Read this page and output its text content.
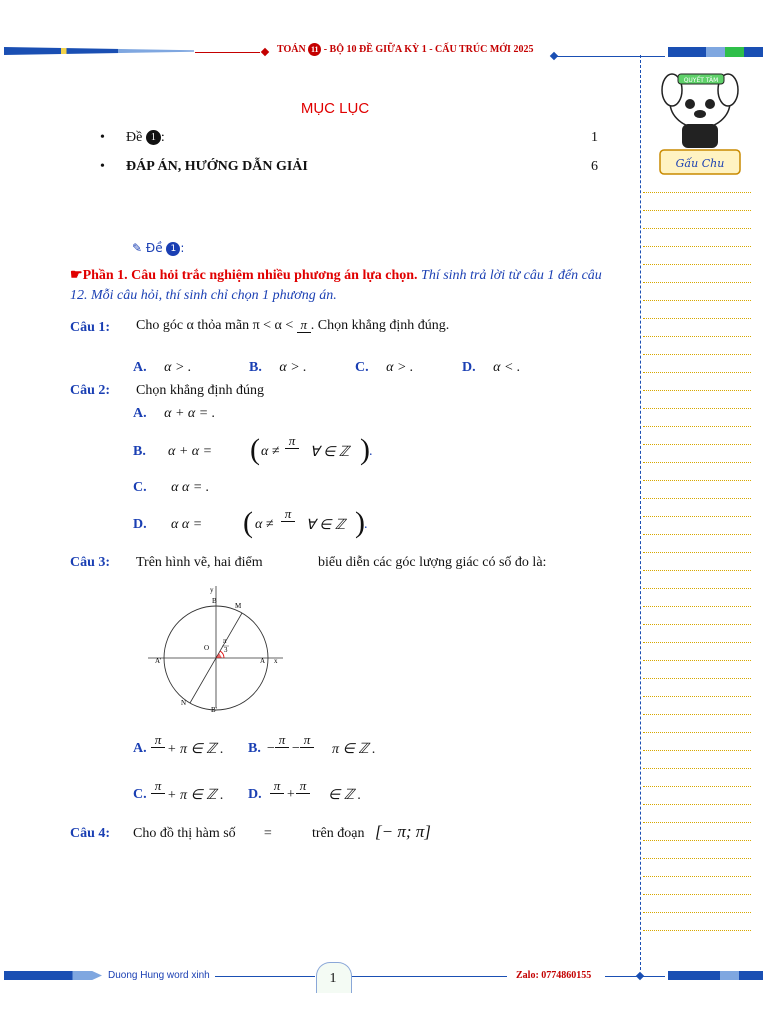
TOÁN 11 - BỘ 10 ĐỀ GIỮA KỲ 1 - CẤU TRÚC MỚI 2025
Gấu Chu
QUYẾT TÂM
MỤC LỤC
• Đề 1 :	1
• ĐÁP ÁN, HƯỚNG DẪN GIẢI	6
✎ Đề 1 :
☛Phần 1. Câu hỏi trắc nghiệm nhiều phương án lựa chọn. Thí sinh trả lời từ câu 1 đến câu 12. Mỗi câu hỏi, thí sinh chỉ chọn 1 phương án.
Câu 1: Cho góc α thỏa mãn π < α < π . Chọn khẳng định đúng.
A. α > .	B. α > .	C. α > .	D. α < .
Câu 2: Chọn khẳng định đúng
A. α + α = .
B. α + α = ( α ≠
π

∀ ∈ ℤ ) .
C. α α = .
D. α α = ( α ≠
π

∀ ∈ ℤ ) .
Câu 3: Trên hình vẽ, hai điểm	biểu diễn các góc lượng giác có số đo là:
y
B
M
O
π
3
A x
A'
N
B'
A.
π

+ π ∈ ℤ . B. −
π

−
π

π ∈ ℤ .
C.
π

+ π ∈ ℤ . D.
π

+
π

∈ ℤ .
Câu 4: Cho đồ thị hàm số =	trên đoạn [− π; π]
Duong Hung word xinh	1	Zalo: 0774860155
